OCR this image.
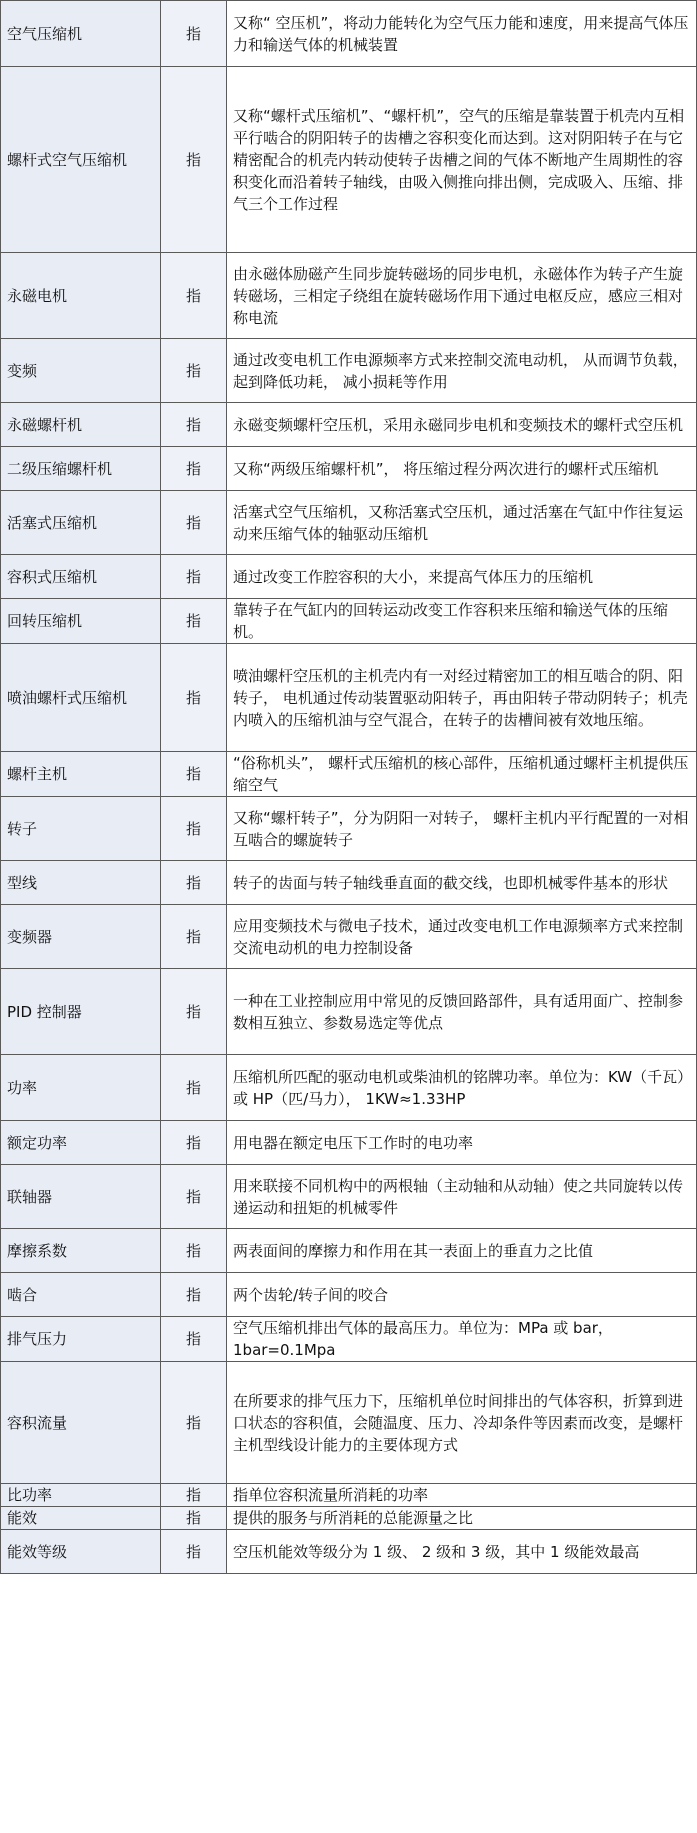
空气压缩机	指	又称“ 空压机”，将动力能转化为空气压力能和速度，用来提高气体压力和输送气体的机械装置
螺杆式空气压缩机	指	又称“螺杆式压缩机”、“螺杆机”，空气的压缩是靠装置于机壳内互相平行啮合的阴阳转子的齿槽之容积变化而达到。这对阴阳转子在与它精密配合的机壳内转动使转子齿槽之间的气体不断地产生周期性的容积变化而沿着转子轴线，由吸入侧推向排出侧，完成吸入、压缩、排气三个工作过程
永磁电机	指	由永磁体励磁产生同步旋转磁场的同步电机，永磁体作为转子产生旋转磁场，三相定子绕组在旋转磁场作用下通过电枢反应，感应三相对称电流
变频	指	通过改变电机工作电源频率方式来控制交流电动机， 从而调节负载，起到降低功耗， 减小损耗等作用
永磁螺杆机	指	永磁变频螺杆空压机，采用永磁同步电机和变频技术的螺杆式空压机
二级压缩螺杆机	指	又称“两级压缩螺杆机”， 将压缩过程分两次进行的螺杆式压缩机
活塞式压缩机	指	活塞式空气压缩机，又称活塞式空压机，通过活塞在气缸中作往复运动来压缩气体的轴驱动压缩机
容积式压缩机	指	通过改变工作腔容积的大小，来提高气体压力的压缩机
回转压缩机	指	靠转子在气缸内的回转运动改变工作容积来压缩和输送气体的压缩机。
喷油螺杆式压缩机	指	喷油螺杆空压机的主机壳内有一对经过精密加工的相互啮合的阴、阳转子， 电机通过传动装置驱动阳转子，再由阳转子带动阴转子；机壳内喷入的压缩机油与空气混合，在转子的齿槽间被有效地压缩。
螺杆主机	指	“俗称机头”， 螺杆式压缩机的核心部件，压缩机通过螺杆主机提供压缩空气
转子	指	又称“螺杆转子”，分为阴阳一对转子， 螺杆主机内平行配置的一对相互啮合的螺旋转子
型线	指	转子的齿面与转子轴线垂直面的截交线，也即机械零件基本的形状
变频器	指	应用变频技术与微电子技术，通过改变电机工作电源频率方式来控制交流电动机的电力控制设备
PID 控制器	指	一种在工业控制应用中常见的反馈回路部件，具有适用面广、控制参数相互独立、参数易选定等优点
功率	指	压缩机所匹配的驱动电机或柴油机的铭牌功率。单位为：KW（千瓦）或 HP（匹/马力）， 1KW≈1.33HP
额定功率	指	用电器在额定电压下工作时的电功率
联轴器	指	用来联接不同机构中的两根轴（主动轴和从动轴）使之共同旋转以传递运动和扭矩的机械零件
摩擦系数	指	两表面间的摩擦力和作用在其一表面上的垂直力之比值
啮合	指	两个齿轮/转子间的咬合
排气压力	指	空气压缩机排出气体的最高压力。单位为：MPa 或 bar，1bar=0.1Mpa
容积流量	指	在所要求的排气压力下，压缩机单位时间排出的气体容积，折算到进口状态的容积值，会随温度、压力、冷却条件等因素而改变，是螺杆主机型线设计能力的主要体现方式
比功率	指	指单位容积流量所消耗的功率
能效	指	提供的服务与所消耗的总能源量之比
能效等级	指	空压机能效等级分为 1 级、 2 级和 3 级，其中 1 级能效最高
